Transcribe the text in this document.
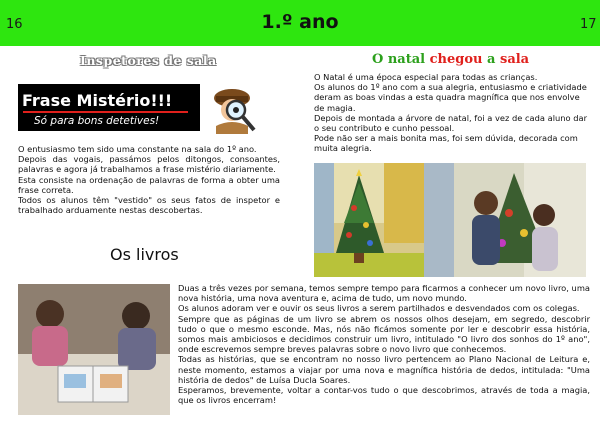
16	1.º ano	17
Inspetores de sala
Frase Mistério!!!
Só para bons detetives!

O entusiasmo tem sido uma constante na sala do 1º ano.

Depois das vogais, passámos pelos ditongos, consoantes, palavras e agora já trabalhamos a frase mistério diariamente.

Esta consiste na ordenação de palavras de forma a obter uma frase correta.

Todos os alunos têm "vestido" os seus fatos de inspetor e trabalhado arduamente nestas descobertas.

O natal chegou a sala

O Natal é uma época especial para todas as crianças.

Os alunos do 1º ano com a sua alegria, entusiasmo e criatividade deram as boas vindas a esta quadra magnífica que nos envolve de magia.

Depois de montada a árvore de natal, foi a vez de cada aluno dar o seu contributo e cunho pessoal.

Pode não ser a mais bonita mas, foi sem dúvida, decorada com muita alegria.

Os livros

Duas a três vezes por semana, temos sempre tempo para ficarmos a conhecer um novo livro, uma nova história, uma nova aventura e, acima de tudo, um novo mundo.

Os alunos adoram ver e ouvir os seus livros a serem partilhados e desvendados com os colegas.

Sempre que as páginas de um livro se abrem os nossos olhos desejam, em segredo, descobrir tudo o que o mesmo esconde. Mas, nós não ficámos somente por ler e descobrir essa história, somos mais ambiciosos e decidimos construir um livro, intitulado "O livro dos sonhos do 1º ano", onde escrevemos sempre breves palavras sobre o novo livro que conhecemos.

Todas as histórias, que se encontram no nosso livro pertencem ao Plano Nacional de Leitura e, neste momento, estamos a viajar por uma nova e magnífica história de dedos, intitulada: "Uma história de dedos" de Luísa Ducla Soares.

Esperamos, brevemente, voltar a contar-vos tudo o que descobrimos, através de toda a magia, que os livros encerram!
